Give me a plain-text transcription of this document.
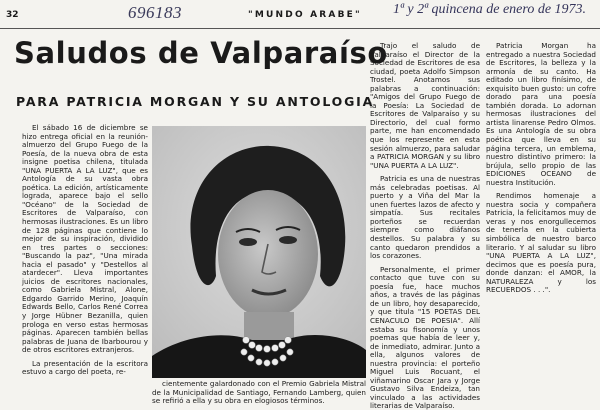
32	696183	"MUNDO ARABE" 1ª y 2ª quincena de enero de 1973.
Saludos de Valparaíso
PARA PATRICIA MORGAN Y SU ANTOLOGIA

El sábado 16 de diciembre se hizo entrega oficial en la reunión-almuerzo del Grupo Fuego de la Poesía, de la nueva obra de esta insigne poetisa chilena, titulada "UNA PUERTA A LA LUZ", que es Antología de su vasta obra poética. La edición, artísticamente lograda, aparece bajo el sello "Océano" de la Sociedad de Escritores de Valparaíso, con hermosas ilustraciones. Es un libro de 128 páginas que contiene lo mejor de su inspiración, dividido en tres partes o secciones: "Buscando la paz", "Una mirada hacia el pasado" y "Destellos al atardecer". Lleva importantes juicios de escritores nacionales, como Gabriela Mistral, Alone, Edgardo Garrido Merino, Joaquín Edwards Bello, Carlos René Correa y Jorge Hübner Bezanilla, quien prologa en verso estas hermosas páginas. Aparecen también bellas palabras de Juana de Ibarbourou y de otros escritores extranjeros.

La presentación de la escritora estuvo a cargo del poeta, re-

cientemente galardonado con el Premio Gabriela Mistral de la Municipalidad de Santiago, Fernando Lamberg, quien se refirió a ella y su obra en elogiosos términos.

Trajo el saludo de Valparaíso el Director de la Sociedad de Escritores de esa ciudad, poeta Adolfo Simpson Trostel. Anotamos sus palabras a continuación: "Amigos del Grupo Fuego de la Poesía: La Sociedad de Escritores de Valparaíso y su Directorio, del cual formo parte, me han encomendado que los represente en esta sesión almuerzo, para saludar a PATRICIA MORGAN y su libro "UNA PUERTA A LA LUZ".

Patricia es una de nuestras más celebradas poetisas. Al puerto y a Viña del Mar la unen fuertes lazos de afecto y simpatía. Sus recitales porteños se recuerdan siempre como diáfanos destellos. Su palabra y su canto quedaron prendidos a los corazones.

Personalmente, el primer contacto que tuve con su poesía fue, hace muchos años, a través de las páginas de un libro, hoy desaparecido, y que titula "15 POETAS DEL CENACULO DE POESIA". Allí estaba su fisonomía y unos poemas que había de leer y, de inmediato, admirar. Junto a ella, algunos valores de nuestra provincia: el porteño Miguel Luis Rocuant, el viñamarino Oscar Jara y Jorge Gustavo Silva Endeiza, tan vinculado a las actividades literarias de Valparaíso.

Patricia Morgan ha entregado a nuestra Sociedad de Escritores, la belleza y la armonía de su canto. Ha editado un libro finísimo, de exquisito buen gusto: un cofre dorado para una poesía también dorada. Lo adornan hermosas ilustraciones del artista linarense Pedro Olmos. Es una Antología de su obra poética que lleva en su página tercera, un emblema, nuestro distintivo primero: la brújula, sello propio de las EDICIONES OCEANO de nuestra Institución.

Rendimos homenaje a nuestra socia y compañera Patricia, la felicitamos muy de veras y nos enorgullecemos de tenerla en la cubierta simbólica de nuestro barco literario. Y al saludar su libro "UNA PUERTA A LA LUZ", decimos que es poesía pura, donde danzan: el AMOR, la NATURALEZA y los RECUERDOS . . .".
